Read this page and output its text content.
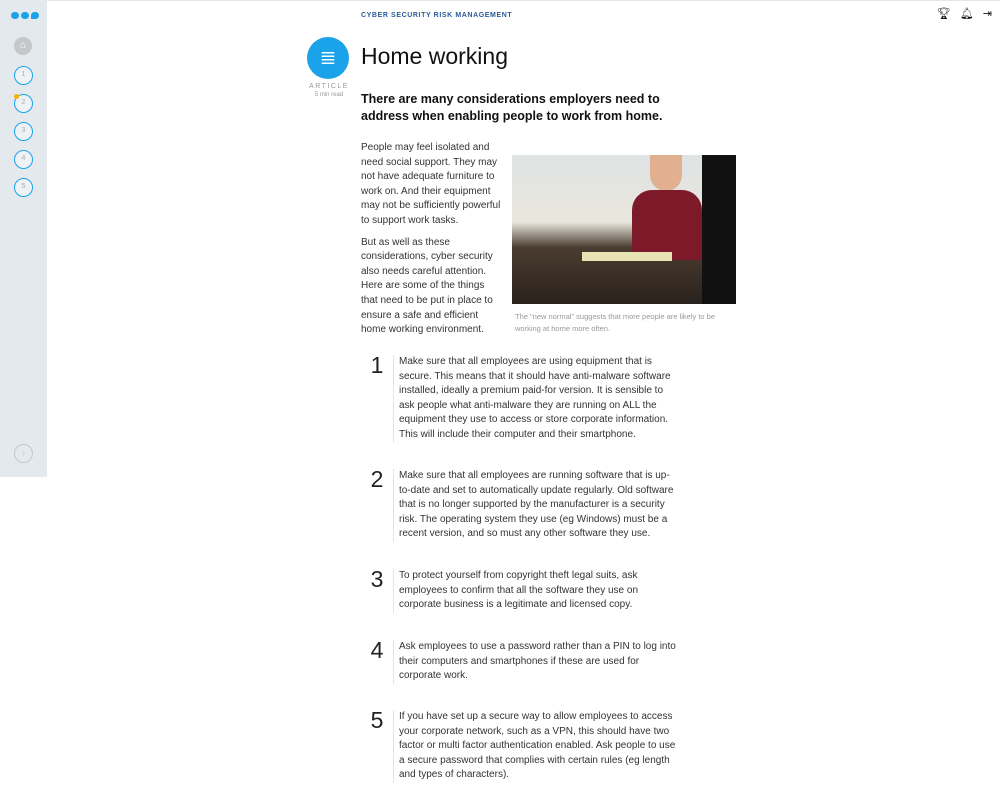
⌂
1
2
3
4
5
›
🏆︎ 🔔︎ ⇥
CYBER SECURITY RISK MANAGEMENT
≣
ARTICLE
5 min read
Home working
There are many considerations employers need to address when enabling people to work from home.

People may feel isolated and need social support. They may not have adequate furniture to work on. And their equipment may not be sufficiently powerful to support work tasks.

But as well as these considerations, cyber security also needs careful attention. Here are some of the things that need to be put in place to ensure a safe and efficient home working environment.

The "new normal" suggests that more people are likely to be working at home more often.
1	Make sure that all employees are using equipment that is secure. This means that it should have anti-malware software installed, ideally a premium paid-for version. It is sensible to ask people what anti-malware they are running on ALL the equipment they use to access or store corporate information. This will include their computer and their smartphone.
2	Make sure that all employees are running software that is up-to-date and set to automatically update regularly. Old software that is no longer supported by the manufacturer is a security risk. The operating system they use (eg Windows) must be a recent version, and so must any other software they use.
3	To protect yourself from copyright theft legal suits, ask employees to confirm that all the software they use on corporate business is a legitimate and licensed copy.
4	Ask employees to use a password rather than a PIN to log into their computers and smartphones if these are used for corporate work.
5	If you have set up a secure way to allow employees to access your corporate network, such as a VPN, this should have two factor or multi factor authentication enabled. Ask people to use a secure password that complies with certain rules (eg length and types of characters).
